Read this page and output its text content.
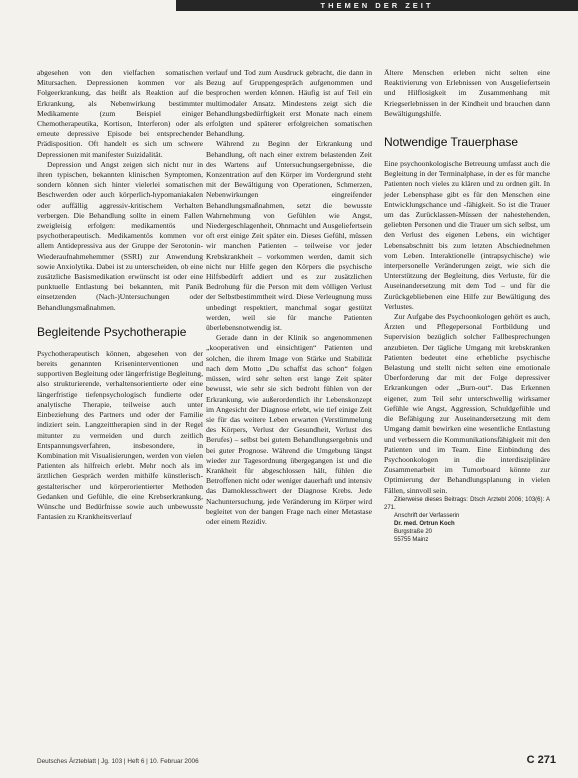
THEMEN DER ZEIT

abgesehen von den vielfachen somatischen Mitursachen. Depressionen kommen vor als Folgeerkrankung, das heißt als Reaktion auf die Erkrankung, als Nebenwirkung bestimmter Medikamente (zum Beispiel einiger Chemotherapeutika, Kortison, Interferon) oder als erneute depressive Episode bei entsprechender Prädisposition. Oft handelt es sich um schwere Depressionen mit manifester Suizidalität.

Depression und Angst zeigen sich nicht nur in ihren typischen, bekannten klinischen Symptomen, sondern können sich hinter vielerlei somatischen Beschwerden oder auch körperlich-hypomaniakalen oder auffällig aggressiv-kritischem Verhalten verbergen. Die Behandlung sollte in einem Fallen zweigleisig erfolgen: medikamentös und psychotherapeutisch. Medikamentös kommen vor allem Antidepressiva aus der Gruppe der Serotonin-Wiederaufnahmehemmer (SSRI) zur Anwendung sowie Anxiolytika. Dabei ist zu unterscheiden, ob eine zusätzliche Basismedikation erwünscht ist oder eine punktuelle Entlastung bei bekannten, mit Panik einsetzenden (Nach-)Untersuchungen oder Behandlungsmaßnahmen.

Begleitende Psychotherapie

Psychotherapeutisch können, abgesehen von der bereits genannten Kriseninterventionen und supportiven Begleitung oder längerfristige Begleitung, also strukturierende, verhaltensorientierte oder eine längerfristige tiefenpsychologisch fundierte oder analytische Therapie, teilweise auch unter Einbeziehung des Partners und oder der Familie indiziert sein. Langzeittherapien sind in der Regel mitunter zu vermeiden und durch zeitlich Entspannungsverfahren, insbesondere, in Kombination mit Visualisierungen, werden von vielen Patienten als hilfreich erlebt. Mehr noch als im ärztlichen Gespräch werden mithilfe künstlerisch-gestalterischer und körperorientierter Methoden Gedanken und Gefühle, die eine Krebserkrankung, Wünsche und Bedürfnisse sowie auch unbewusste Fantasien zu Krankheitsverlauf

verlauf und Tod zum Ausdruck gebracht, die dann in Bezug auf Gruppengespräch aufgenommen und besprochen werden können. Häufig ist auf Teil ein multimodaler Ansatz. Mindestens zeigt sich die Behandlungsbedürftigkeit erst Monate nach einem erfolgten und späterer erfolgreichen somatischen Behandlung.

Während zu Beginn der Erkrankung und Behandlung, oft nach einer extrem belastenden Zeit des Wartens auf Untersuchungsergebnisse, die Konzentration auf den Körper im Vordergrund steht mit der Bewältigung von Operationen, Schmerzen, Nebenwirkungen eingreifender Behandlungsmaßnahmen, setzt die bewusste Wahrnehmung von Gefühlen wie Angst, Niedergeschlagenheit, Ohnmacht und Ausgeliefertsein oft erst einige Zeit später ein. Dieses Gefühl, müssen wir manchen Patienten – teilweise vor jeder Krebskrankheit – vorkommen werden, damit sich nicht nur Hilfe gegen den Körpers die psychische Hilfsbedürft addiert und es zur zusätzlichen Bedrohung für die Person mit dem völligen Verlust der Selbstbestimmtheit wird. Diese Verleugnung muss unbedingt respektiert, manchmal sogar gestützt werden, weil sie für manche Patienten überlebensnotwendig ist.

Gerade dann in der Klinik so angenommenen „kooperativen und einsichtigen“ Patienten und solchen, die ihrem Image von Stärke und Stabilität nach dem Motto „Du schaffst das schon“ folgen müssen, wird sehr selten erst lange Zeit später bewusst, wie sehr sie sich bedroht fühlen von der Erkrankung, wie außerordentlich ihr Lebenskonzept im Angesicht der Diagnose erlebt, wie tief einige Zeit sie für das weitere Leben erwarten (Verstümmelung des Körpers, Verlust der Gesundheit, Verlust des Berufes) – selbst bei gutem Behandlungsergebnis und bei guter Prognose. Während die Umgebung längst wieder zur Tagesordnung übergegangen ist und die Krankheit für abgeschlossen hält, fühlen die Betroffenen nicht oder weniger dauerhaft und intensiv das Damoklesschwert der Diagnose Krebs. Jede Nachuntersuchung, jede Veränderung im Körper wird begleitet von der bangen Frage nach einer Metastase oder einem Rezidiv.

Ältere Menschen erleben nicht selten eine Reaktivierung von Erlebnissen von Ausgeliefertsein und Hilflosigkeit im Zusammenhang mit Kriegserlebnissen in der Kindheit und brauchen dann Bewältigungshilfe.

Notwendige Trauerphase

Eine psychoonkologische Betreuung umfasst auch die Begleitung in der Terminalphase, in der es für manche Patienten noch vieles zu klären und zu ordnen gilt. In jeder Lebensphase gibt es für den Menschen eine Entwicklungschance und -fähigkeit. So ist die Trauer um das Zurücklassen-Müssen der nahestehenden, geliebten Personen und die Trauer um sich selbst, um den Verlust des eigenen Lebens, ein wichtiger Lebensabschnitt bis zum letzten Abschiednehmen vom Leben. Interaktionelle (intrapsychische) wie interpersonelle Veränderungen zeigt, wie sich die Unterstützung der Begleitung, dies Verluste, für die Auseinandersetzung mit dem Tod – und für die Zurückgebliebenen eine Hilfe zur Bewältigung des Verlustes.

Zur Aufgabe des Psychoonkologen gehört es auch, Ärzten und Pflegepersonal Fortbildung und Supervision bezüglich solcher Fallbesprechungen anzubieten. Der tägliche Umgang mit krebskranken Patienten bedeutet eine erhebliche psychische Belastung und stellt nicht selten eine emotionale Überforderung dar mit der Folge depressiver Erkrankungen oder „Burn-out“. Das Erkennen eigener, zum Teil sehr unterschwellig wirksamer Gefühle wie Angst, Aggression, Schuldgefühle und die Befähigung zur Auseinandersetzung mit dem Umgang damit bewirken eine wesentliche Entlastung und verbessern die Kommunikationsfähigkeit mit den Patienten und im Team. Eine Einbindung des Psychoonkologen in die interdisziplinäre Zusammenarbeit im Tumorboard könnte zur Optimierung der Behandlungsplanung in vielen Fällen, sinnvoll sein.

Zitierweise dieses Beitrags: Dtsch Arztebl 2006; 103(6): A 271.

Anschrift der Verfasserin

Dr. med. Ortrun Koch

Burgstraße 20

55755 Mainz

Deutsches Ärzteblatt | Jg. 103 | Heft 6 | 10. Februar 2006	C 271
